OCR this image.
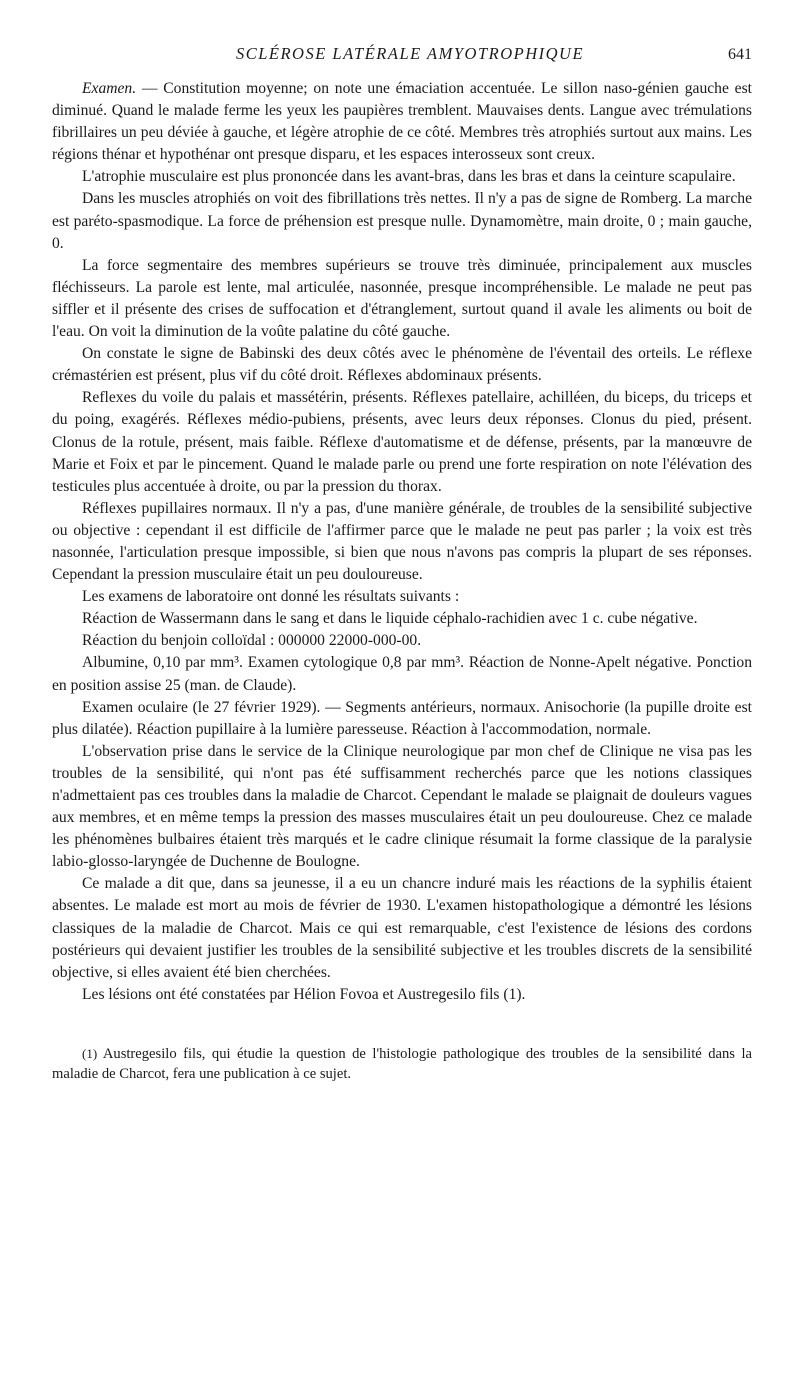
SCLÉROSE LATÉRALE AMYOTROPHIQUE	641

Examen. — Constitution moyenne; on note une émaciation accentuée. Le sillon naso-génien gauche est diminué. Quand le malade ferme les yeux les paupières tremblent. Mauvaises dents. Langue avec trémulations fibrillaires un peu déviée à gauche, et légère atrophie de ce côté. Membres très atrophiés surtout aux mains. Les régions thénar et hypothénar ont presque disparu, et les espaces interosseux sont creux.

L'atrophie musculaire est plus prononcée dans les avant-bras, dans les bras et dans la ceinture scapulaire.

Dans les muscles atrophiés on voit des fibrillations très nettes. Il n'y a pas de signe de Romberg. La marche est paréto-spasmodique. La force de préhension est presque nulle. Dynamomètre, main droite, 0 ; main gauche, 0.

La force segmentaire des membres supérieurs se trouve très diminuée, principalement aux muscles fléchisseurs. La parole est lente, mal articulée, nasonnée, presque incompréhensible. Le malade ne peut pas siffler et il présente des crises de suffocation et d'étranglement, surtout quand il avale les aliments ou boit de l'eau. On voit la diminution de la voûte palatine du côté gauche.

On constate le signe de Babinski des deux côtés avec le phénomène de l'éventail des orteils. Le réflexe crémastérien est présent, plus vif du côté droit. Réflexes abdominaux présents.

Reflexes du voile du palais et massétérin, présents. Réflexes patellaire, achilléen, du biceps, du triceps et du poing, exagérés. Réflexes médio-pubiens, présents, avec leurs deux réponses. Clonus du pied, présent. Clonus de la rotule, présent, mais faible. Réflexe d'automatisme et de défense, présents, par la manœuvre de Marie et Foix et par le pincement. Quand le malade parle ou prend une forte respiration on note l'élévation des testicules plus accentuée à droite, ou par la pression du thorax.

Réflexes pupillaires normaux. Il n'y a pas, d'une manière générale, de troubles de la sensibilité subjective ou objective : cependant il est difficile de l'affirmer parce que le malade ne peut pas parler ; la voix est très nasonnée, l'articulation presque impossible, si bien que nous n'avons pas compris la plupart de ses réponses. Cependant la pression musculaire était un peu douloureuse.

Les examens de laboratoire ont donné les résultats suivants :

Réaction de Wassermann dans le sang et dans le liquide céphalo-rachidien avec 1 c. cube négative.

Réaction du benjoin colloïdal : 000000 22000-000-00.

Albumine, 0,10 par mm³. Examen cytologique 0,8 par mm³. Réaction de Nonne-Apelt négative. Ponction en position assise 25 (man. de Claude).

Examen oculaire (le 27 février 1929). — Segments antérieurs, normaux. Anisochorie (la pupille droite est plus dilatée). Réaction pupillaire à la lumière paresseuse. Réaction à l'accommodation, normale.

L'observation prise dans le service de la Clinique neurologique par mon chef de Clinique ne visa pas les troubles de la sensibilité, qui n'ont pas été suffisamment recherchés parce que les notions classiques n'admettaient pas ces troubles dans la maladie de Charcot. Cependant le malade se plaignait de douleurs vagues aux membres, et en même temps la pression des masses musculaires était un peu douloureuse. Chez ce malade les phénomènes bulbaires étaient très marqués et le cadre clinique résumait la forme classique de la paralysie labio-glosso-laryngée de Duchenne de Boulogne.

Ce malade a dit que, dans sa jeunesse, il a eu un chancre induré mais les réactions de la syphilis étaient absentes. Le malade est mort au mois de février de 1930. L'examen histopathologique a démontré les lésions classiques de la maladie de Charcot. Mais ce qui est remarquable, c'est l'existence de lésions des cordons postérieurs qui devaient justifier les troubles de la sensibilité subjective et les troubles discrets de la sensibilité objective, si elles avaient été bien cherchées.

Les lésions ont été constatées par Hélion Fovoa et Austregesilo fils (1).

(1) Austregesilo fils, qui étudie la question de l'histologie pathologique des troubles de la sensibilité dans la maladie de Charcot, fera une publication à ce sujet.
